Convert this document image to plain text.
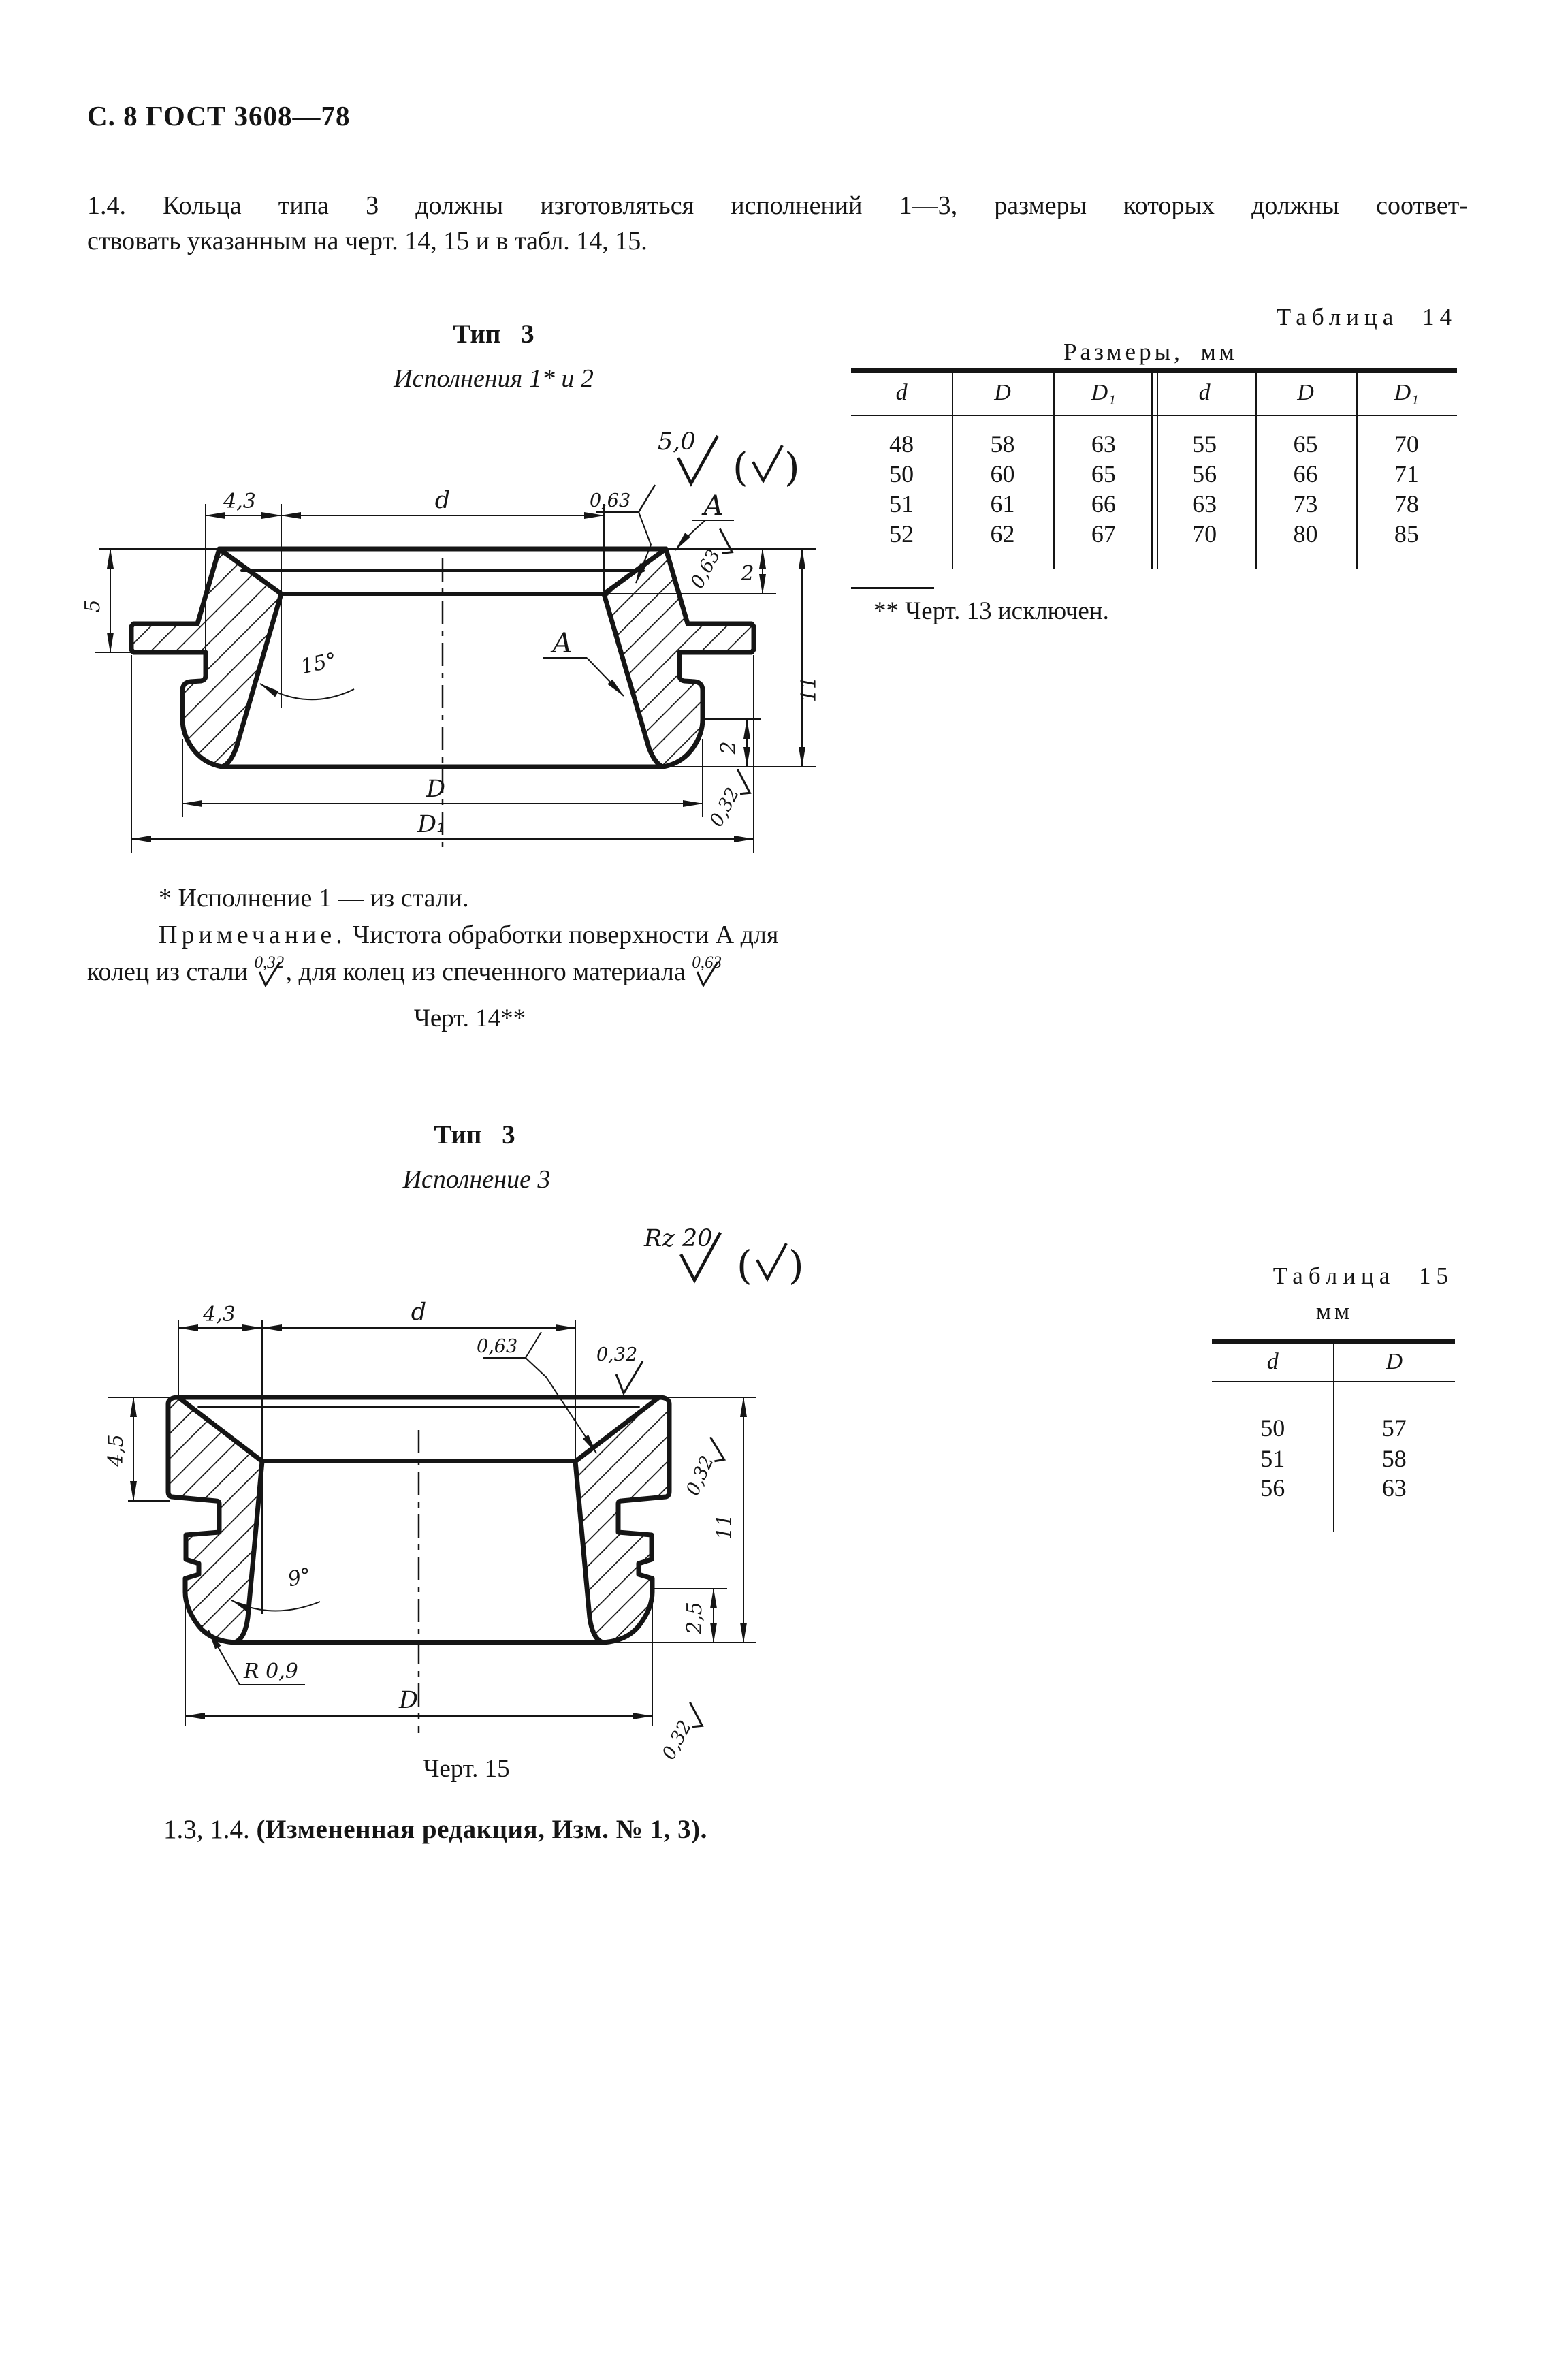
С. 8 ГОСТ 3608—78
1.4. Кольца типа 3 должны изготовляться исполнений 1—3, размеры которых должны соответ-
ствовать указанным на черт. 14, 15 и в табл. 14, 15.
Тип 3
Исполнения 1* и 2
Таблица 14
Размеры, мм
d	D	D₁	d	D	D₁
48	58	63	55	65	70
50	60	65	56	66	71
51	61	66	63	73	78
52	62	67	70	80	85
** Черт. 13 исключен.
5,0
( )
0,63
0,63
0,32
4,3	d
5
2
11
2
D
D₁
15°
A
A
* Исполнение 1 — из стали.
Примечание. Чистота обработки поверхности А для
колец из стали 0,32 , для колец из спеченного материала 0,63
Черт. 14**
Тип 3
Исполнение 3
Таблица 15
мм
d	D
50	57
51	58
56	63
Rz 20
( )
0,63	0,32
0,32
0,32
4,3	d
4,5
11
2,5
D
9°
R 0,9
Черт. 15
1.3, 1.4. (Измененная редакция, Изм. № 1, 3).
